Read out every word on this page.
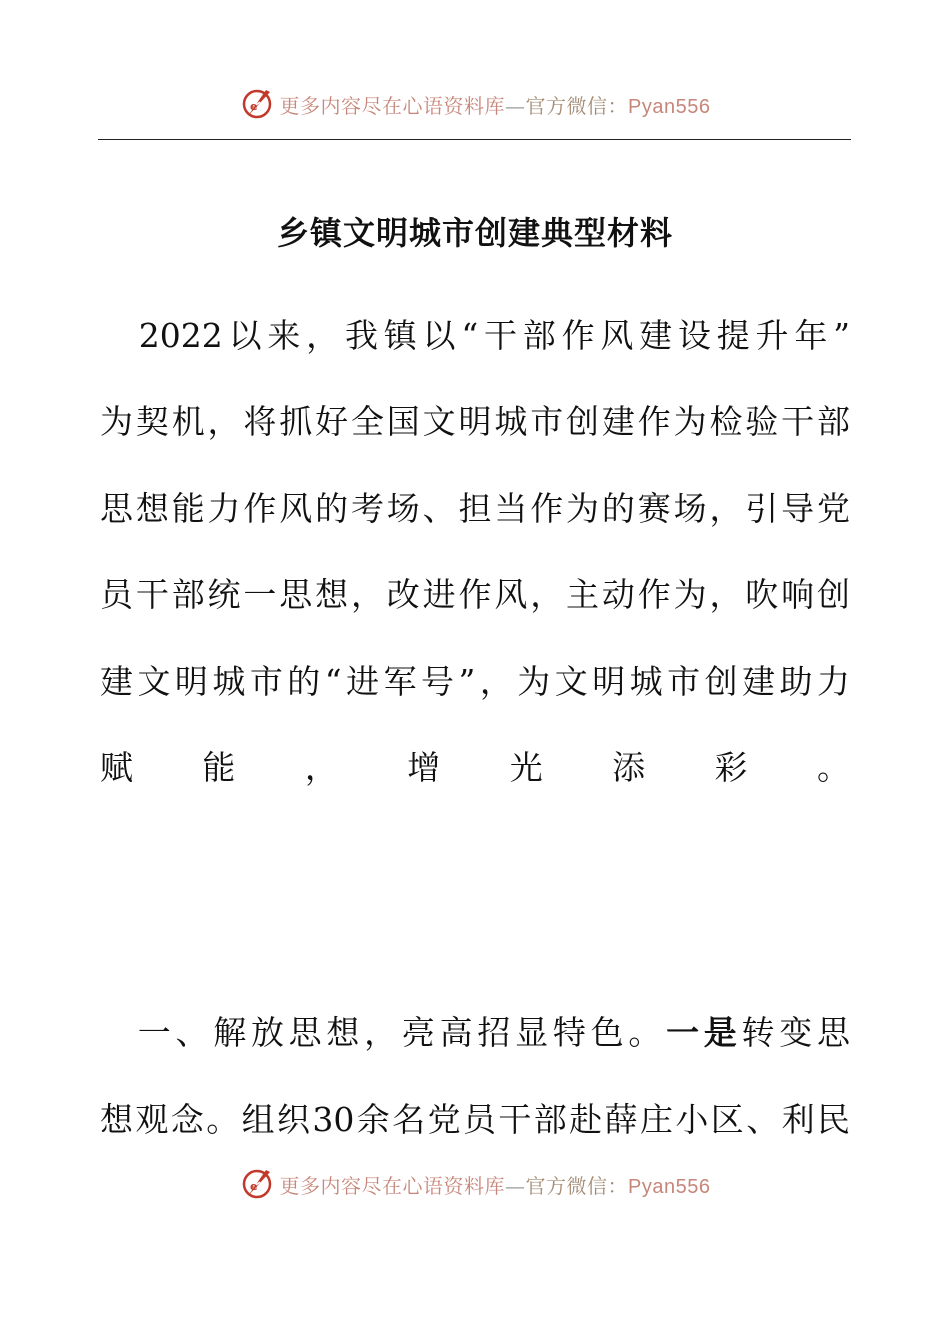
e 更多内容尽在心语资料库—官方微信：Pyan556
乡镇文明城市创建典型材料
　2022以来，我镇以“干部作风建设提升年”
为契机，将抓好全国文明城市创建作为检验干部
思想能力作风的考场、担当作为的赛场，引导党
员干部统一思想，改进作风，主动作为，吹响创
建文明城市的“进军号”，为文明城市创建助力
赋 能 ， 增 光 添 彩 。
　一、解放思想，亮高招显特色。一是转变思
想观念。组织30余名党员干部赴薛庄小区、利民
e 更多内容尽在心语资料库—官方微信：Pyan556
